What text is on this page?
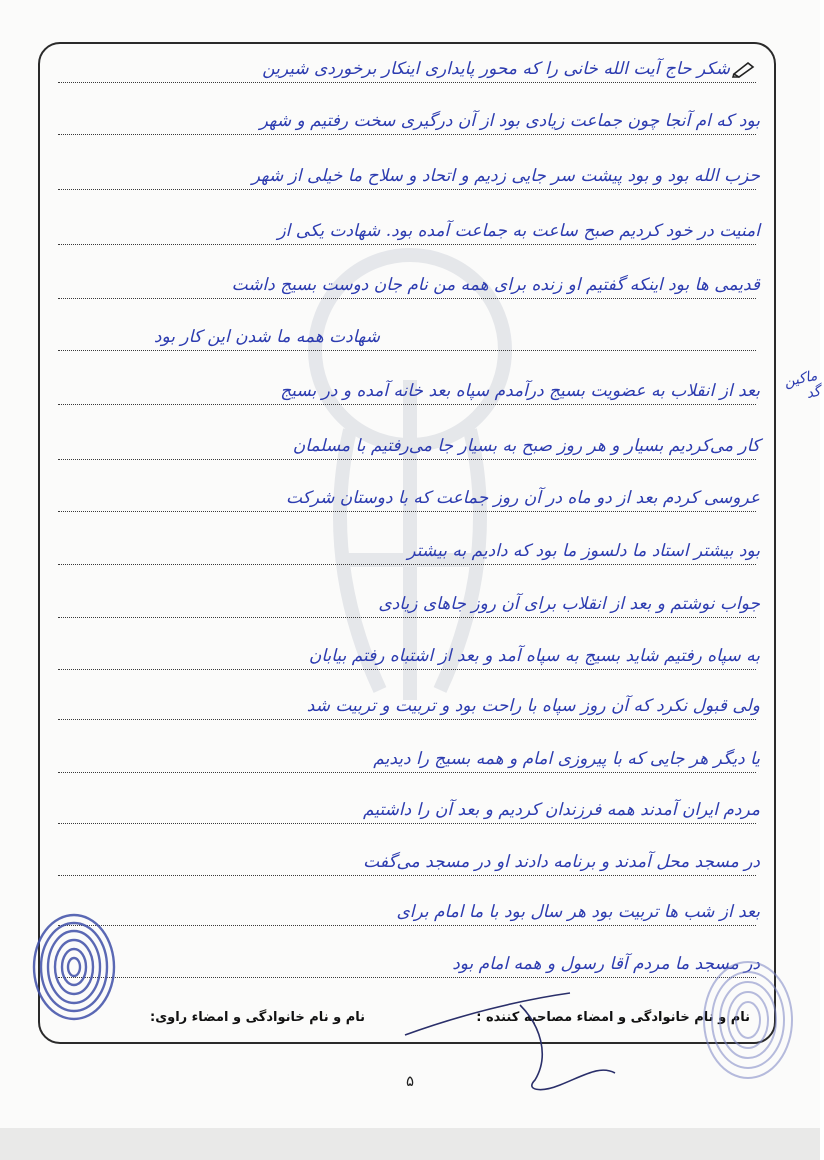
شکر حاج آیت الله خانی را که محور پایداری اینکار برخوردی شیرین
بود که ام آنجا چون جماعت زیادی بود از آن درگیری سخت رفتیم و شهر
حزب الله بود و بود پیشت سر جایی زدیم و اتحاد و سلاح ما خیلی از شهر
امنیت در خود کردیم صبح ساعت به جماعت آمده بود. شهادت یکی از
قدیمی ها بود اینکه گفتیم او زنده برای همه من نام جان دوست بسیج داشت
شهادت همه ما شدن این کار بود
بعد از انقلاب به عضویت بسیج درآمدم سپاه بعد خانه آمده و در بسیج
کار می‌کردیم بسیار و هر روز صبح به بسیار جا می‌رفتیم با مسلمان
عروسی کردم بعد از دو ماه در آن روز جماعت که با دوستان شرکت
بود بیشتر استاد ما دلسوز ما بود که دادیم به بیشتر
جواب نوشتم و بعد از انقلاب برای آن روز جاهای زیادی
به سپاه رفتیم شاید بسیج به سپاه آمد و بعد از اشتباه رفتم بیابان
ولی قبول نکرد که آن روز سپاه با راحت بود و تربیت و تربیت شد
یا دیگر هر جایی که با پیروزی امام و همه بسیج را دیدیم
مردم ایران آمدند همه فرزندان کردیم و بعد آن را داشتیم
در مسجد محل آمدند و برنامه دادند او در مسجد می‌گفت
بعد از شب ها تربیت بود هر سال بود با ما امام برای
در مسجد ما مردم آقا رسول و همه امام بود
ماکین گد
نام و نام خانوادگی و امضاء مصاحبه کننده :
نام و نام خانوادگی و امضاء راوی:
۵
